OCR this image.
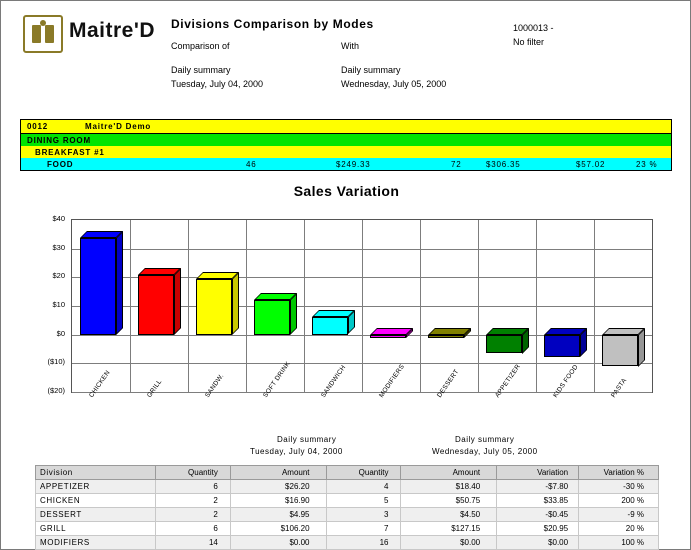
Maitre'D Divisions Comparison by Modes
Comparison of	With
Daily summary
Tuesday, July 04, 2000
Daily summary
Wednesday, July 05, 2000
1000013 -
No filter
0012	Maitre'D Demo
DINING ROOM
BREAKFAST #1
FOOD	46	$249.33	72	$306.35	$57.02	23 %
Sales Variation
$40
$30
$20
$10
$0
($10)
($20)	CHICKEN	GRILL	SANDW.	SOFT DRINK	SANDWICH	MODIFIERS	DESSERT	APPETIZER	KIDS FOOD	PASTA
Daily summary
Tuesday, July 04, 2000
Daily summary
Wednesday, July 05, 2000
Division	Quantity	Amount	Quantity	Amount	Variation	Variation %
APPETIZER	6	$26.20	4	$18.40	-$7.80	-30 %
CHICKEN	2	$16.90	5	$50.75	$33.85	200 %
DESSERT	2	$4.95	3	$4.50	-$0.45	-9 %
GRILL	6	$106.20	7	$127.15	$20.95	20 %
MODIFIERS	14	$0.00	16	$0.00	$0.00	100 %
